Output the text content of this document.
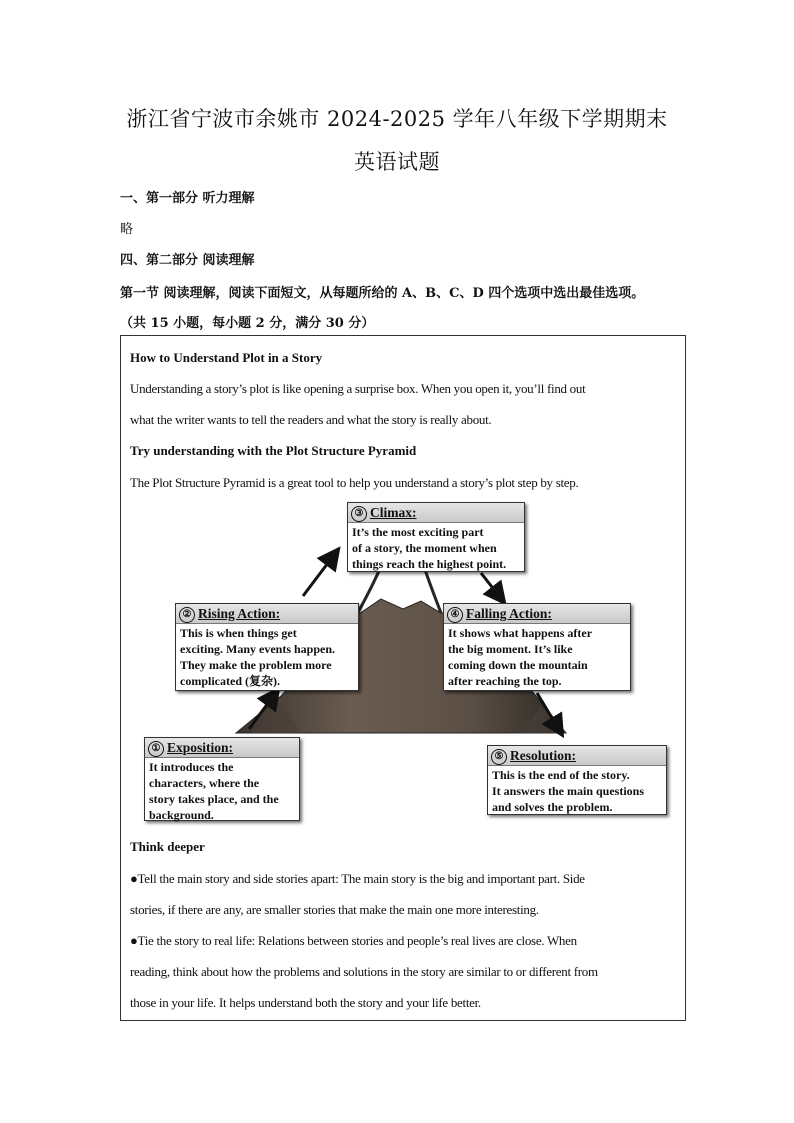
浙江省宁波市余姚市 2024-2025 学年八年级下学期期末
英语试题
一、第一部分 听力理解
略
四、第二部分 阅读理解
第一节 阅读理解，阅读下面短文，从每题所给的 A、B、C、D 四个选项中选出最佳选项。
（共 15 小题，每小题 2 分，满分 30 分）
How to Understand Plot in a Story
Understanding a story’s plot is like opening a surprise box. When you open it, you’ll find out
what the writer wants to tell the readers and what the story is really about.
Try understanding with the Plot Structure Pyramid
The Plot Structure Pyramid is a great tool to help you understand a story’s plot step by step.
③ Climax:
It’s the most exciting part
of a story, the moment when
things reach the highest point.
② Rising Action:
This is when things get
exciting. Many events happen.
They make the problem more
complicated (复杂).
④ Falling Action:
It shows what happens after
the big moment. It’s like
coming down the mountain
after reaching the top.
① Exposition:
It introduces the
characters, where the
story takes place, and the
background.
⑤ Resolution:
This is the end of the story.
It answers the main questions
and solves the problem.
Think deeper
●Tell the main story and side stories apart: The main story is the big and important part. Side
stories, if there are any, are smaller stories that make the main one more interesting.
●Tie the story to real life: Relations between stories and people’s real lives are close. When
reading, think about how the problems and solutions in the story are similar to or different from
those in your life. It helps understand both the story and your life better.
